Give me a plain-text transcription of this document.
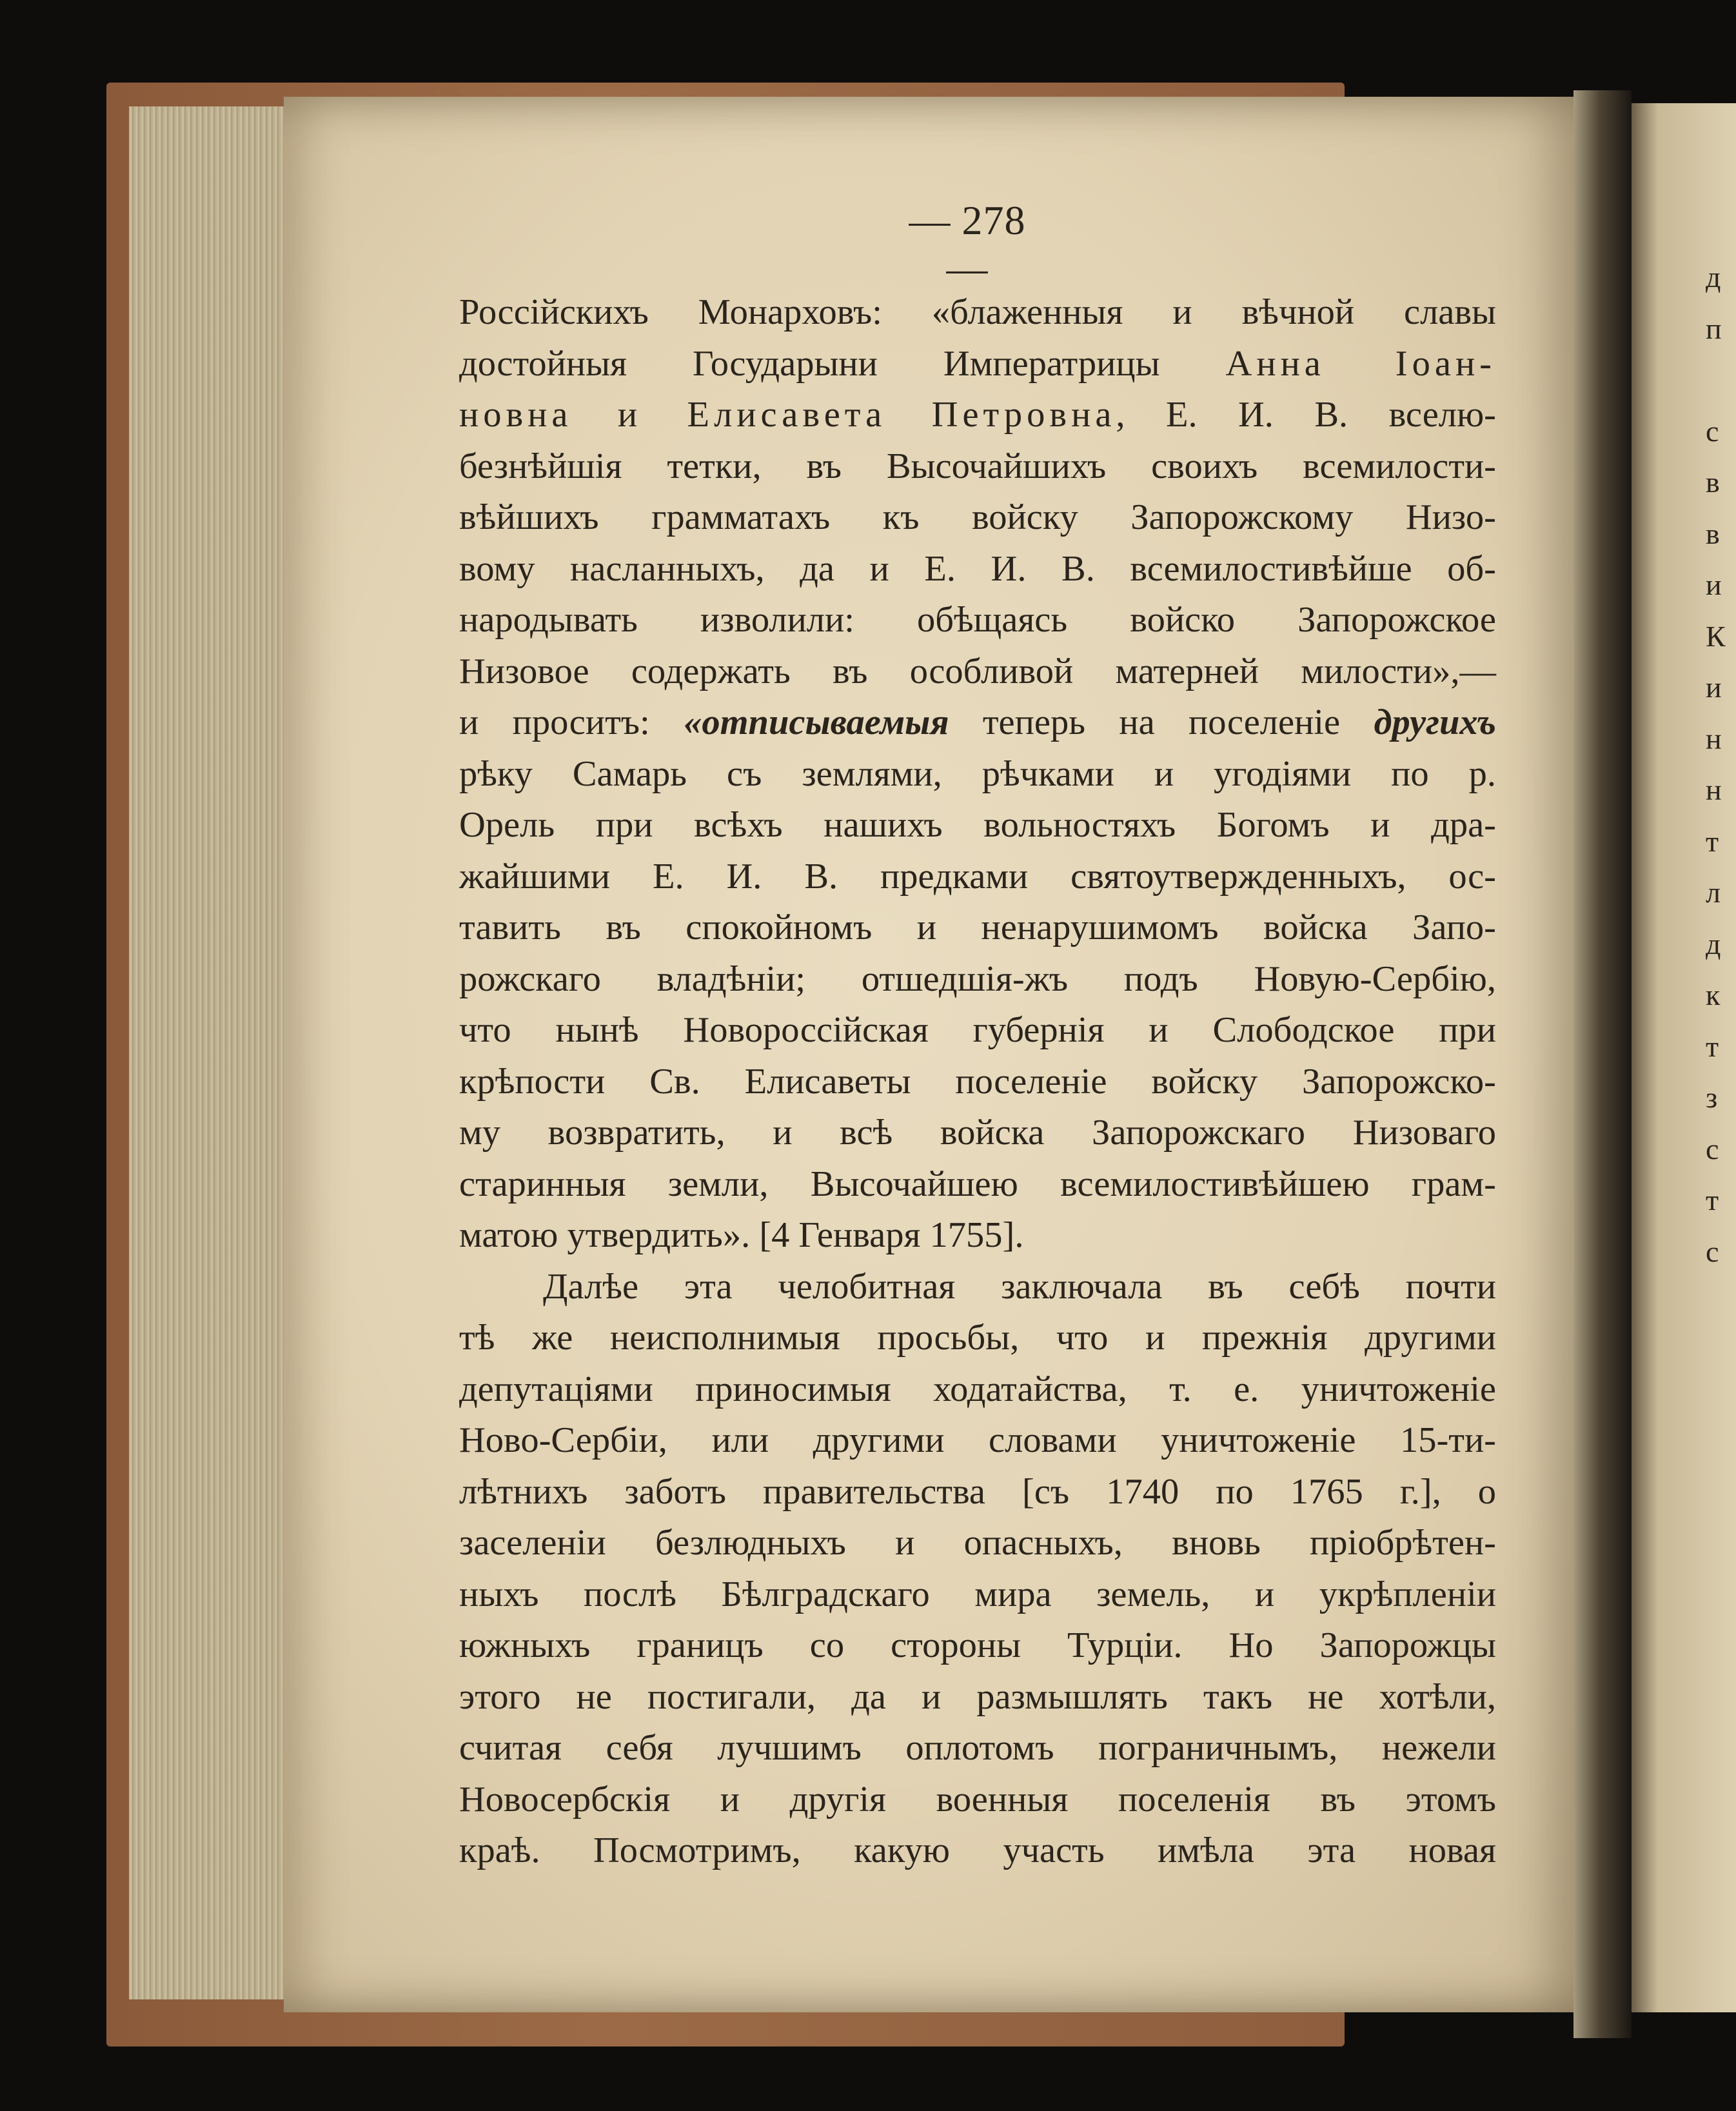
д
п
с
в
в
и
К
и
н
н
т
л
д
к
т
з
с
т
с
— 278 —
Россійскихъ Монарховъ: «блаженныя и вѣчной славы
достойныя Государыни Императрицы Анна Іоан-
новна и Елисавета Петровна, Е. И. В. вселю-
безнѣйшія тетки, въ Высочайшихъ своихъ всемилости-
вѣйшихъ грамматахъ къ войску Запорожскому Низо-
вому насланныхъ, да и Е. И. В. всемилостивѣйше об-
народывать изволили: обѣщаясь войско Запорожское
Низовое содержать въ особливой матерней милости»,—
и проситъ: «отписываемыя теперь на поселеніе другихъ
рѣку Самарь съ землями, рѣчками и угодіями по р.
Орель при всѣхъ нашихъ вольностяхъ Богомъ и дра-
жайшими Е. И. В. предками святоутвержденныхъ, ос-
тавить въ спокойномъ и ненарушимомъ войска Запо-
рожскаго владѣніи; отшедшія-жъ подъ Новую-Сербію,
что нынѣ Новороссійская губернія и Слободское при
крѣпости Св. Елисаветы поселеніе войску Запорожско-
му возвратить, и всѣ войска Запорожскаго Низоваго
старинныя земли, Высочайшею всемилостивѣйшею грам-
матою утвердить». [4 Генваря 1755].
Далѣе эта челобитная заключала въ себѣ почти
тѣ же неисполнимыя просьбы, что и прежнія другими
депутаціями приносимыя ходатайства, т. е. уничтоженіе
Ново-Сербіи, или другими словами уничтоженіе 15-ти-
лѣтнихъ заботъ правительства [съ 1740 по 1765 г.], о
заселеніи безлюдныхъ и опасныхъ, вновь пріобрѣтен-
ныхъ послѣ Бѣлградскаго мира земель, и укрѣпленіи
южныхъ границъ со стороны Турціи. Но Запорожцы
этого не постигали, да и размышлять такъ не хотѣли,
считая себя лучшимъ оплотомъ пограничнымъ, нежели
Новосербскія и другія военныя поселенія въ этомъ
краѣ. Посмотримъ, какую участь имѣла эта новая
